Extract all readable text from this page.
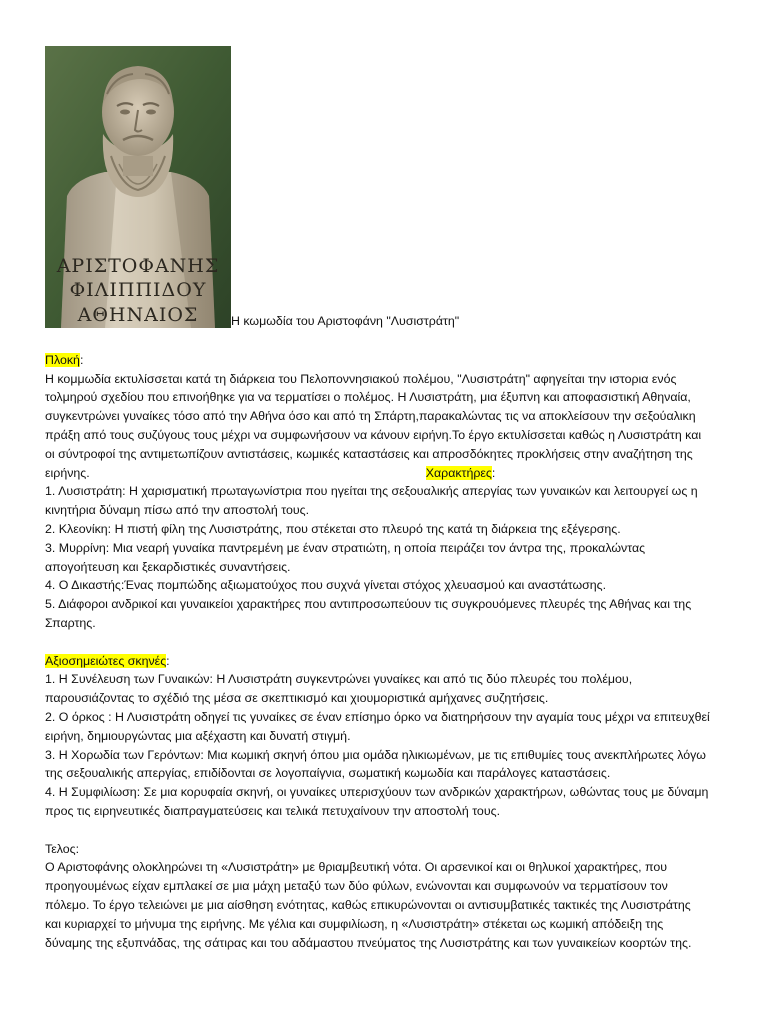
ΑΡΙΣΤΟΦΑΝΗΣ
ΦΙΛΙΠΠΙΔΟΥ
ΑΘΗΝΑΙΟΣ	Η κωμωδία του Αριστοφάνη "Λυσιστράτη"

Πλοκή:

Η κομμωδία εκτυλίσσεται κατά τη διάρκεια του Πελοποννησιακού πολέμου, "Λυσιστράτη" αφηγείται την ιστορια ενός

τολμηρού σχεδίου που επινοήθηκε για να τερματίσει ο πολέμος. Η Λυσιστράτη, μια έξυπνη και αποφασιστική Αθηναία,

συγκεντρώνει γυναίκες τόσο από την Αθήνα όσο και από τη Σπάρτη,παρακαλώντας τις να αποκλείσουν την σεξούαλικη

πράξη από τους συζύγους τους μέχρι να συμφωνήσουν να κάνουν ειρήνη.Το έργο εκτυλίσσεται καθώς η Λυσιστράτη και

οι σύντροφοί της αντιμετωπίζουν αντιστάσεις, κωμικές καταστάσεις και απροσδόκητες προκλήσεις στην αναζήτηση της

ειρήνης.	Χαρακτήρες:

1. Λυσιστράτη: Η χαρισματική πρωταγωνίστρια που ηγείται της σεξουαλικής απεργίας των γυναικών και λειτουργεί ως η

κινητήρια δύναμη πίσω από την αποστολή τους.

2. Κλεονίκη: Η πιστή φίλη της Λυσιστράτης, που στέκεται στο πλευρό της κατά τη διάρκεια της εξέγερσης.

3. Μυρρίνη: Μια νεαρή γυναίκα παντρεμένη με έναν στρατιώτη, η οποία πειράζει τον άντρα της, προκαλώντας

απογοήτευση και ξεκαρδιστικές συναντήσεις.

4. Ο Δικαστής:Ένας πομπώδης αξιωματούχος που συχνά γίνεται στόχος χλευασμού και αναστάτωσης.

5. Διάφοροι ανδρικοί και γυναικείοι χαρακτήρες που αντιπροσωπεύουν τις συγκρουόμενες πλευρές της Αθήνας και της

Σπαρτης.

Αξιοσημειώτες σκηνές:

1. Η Συνέλευση των Γυναικών: Η Λυσιστράτη συγκεντρώνει γυναίκες και από τις δύο πλευρές του πολέμου,

παρουσιάζοντας το σχέδιό της μέσα σε σκεπτικισμό και χιουμοριστικά αμήχανες συζητήσεις.

2. Ο όρκος : Η Λυσιστράτη οδηγεί τις γυναίκες σε έναν επίσημο όρκο να διατηρήσουν την αγαμία τους μέχρι να επιτευχθεί

ειρήνη, δημιουργώντας μια αξέχαστη και δυνατή στιγμή.

3. Η Χορωδία των Γερόντων: Μια κωμική σκηνή όπου μια ομάδα ηλικιωμένων, με τις επιθυμίες τους ανεκπλήρωτες λόγω

της σεξουαλικής απεργίας, επιδίδονται σε λογοπαίγνια, σωματική κωμωδία και παράλογες καταστάσεις.

4. Η Συμφιλίωση: Σε μια κορυφαία σκηνή, οι γυναίκες υπερισχύουν των ανδρικών χαρακτήρων, ωθώντας τους με δύναμη

προς τις ειρηνευτικές διαπραγματεύσεις και τελικά πετυχαίνουν την αποστολή τους.

Τελος:

Ο Αριστοφάνης ολοκληρώνει τη «Λυσιστράτη» με θριαμβευτική νότα. Οι αρσενικοί και οι θηλυκοί χαρακτήρες, που

προηγουμένως είχαν εμπλακεί σε μια μάχη μεταξύ των δύο φύλων, ενώνονται και συμφωνούν να τερματίσουν τον

πόλεμο. Το έργο τελειώνει με μια αίσθηση ενότητας, καθώς επικυρώνονται οι αντισυμβατικές τακτικές της Λυσιστράτης

και κυριαρχεί το μήνυμα της ειρήνης. Με γέλια και συμφιλίωση, η «Λυσιστράτη» στέκεται ως κωμική απόδειξη της

δύναμης της εξυπνάδας, της σάτιρας και του αδάμαστου πνεύματος της Λυσιστράτης και των γυναικείων κοορτών της.
